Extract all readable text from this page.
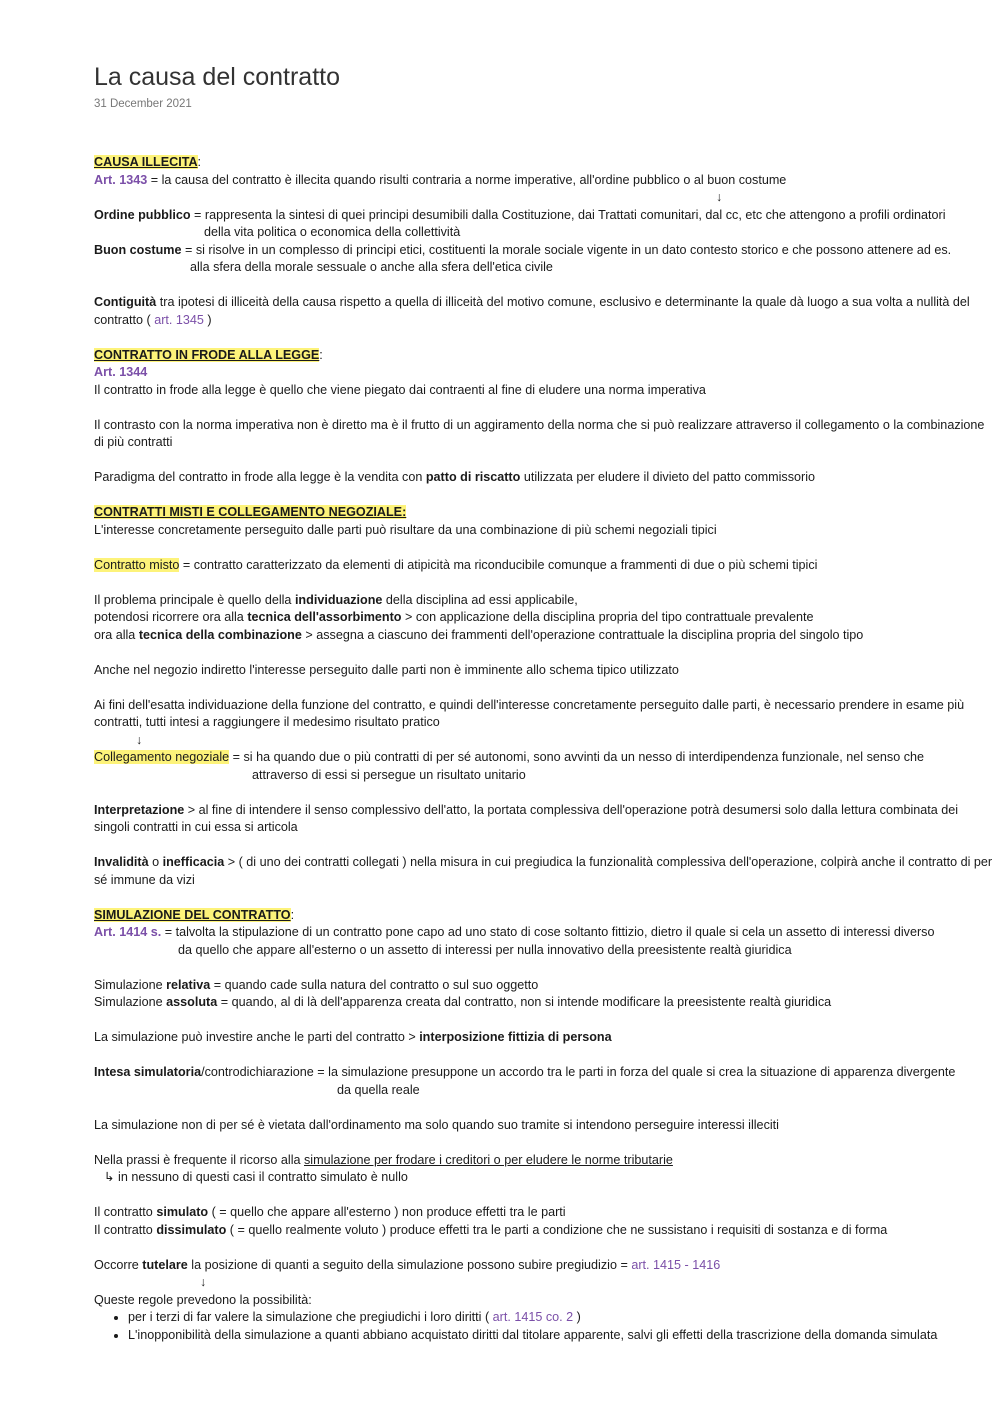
La causa del contratto
31 December 2021

CAUSA ILLECITA:

Art. 1343 = la causa del contratto è illecita quando risulti contraria a norme imperative, all'ordine pubblico o al buon costume

↓

Ordine pubblico = rappresenta la sintesi di quei principi desumibili dalla Costituzione, dai Trattati comunitari, dal cc, etc che attengono a profili ordinatori

della vita politica o economica della collettività

Buon costume = si risolve in un complesso di principi etici, costituenti la morale sociale vigente in un dato contesto storico e che possono attenere ad es.

alla sfera della morale sessuale o anche alla sfera dell'etica civile

Contiguità tra ipotesi di illiceità della causa rispetto a quella di illiceità del motivo comune, esclusivo e determinante la quale dà luogo a sua volta a nullità del contratto ( art. 1345 )

CONTRATTO IN FRODE ALLA LEGGE:

Art. 1344

Il contratto in frode alla legge è quello che viene piegato dai contraenti al fine di eludere una norma imperativa

Il contrasto con la norma imperativa non è diretto ma è il frutto di un aggiramento della norma che si può realizzare attraverso il collegamento o la combinazione di più contratti

Paradigma del contratto in frode alla legge è la vendita con patto di riscatto utilizzata per eludere il divieto del patto commissorio

CONTRATTI MISTI E COLLEGAMENTO NEGOZIALE:

L'interesse concretamente perseguito dalle parti può risultare da una combinazione di più schemi negoziali tipici

Contratto misto = contratto caratterizzato da elementi di atipicità ma riconducibile comunque a frammenti di due o più schemi tipici

Il problema principale è quello della individuazione della disciplina ad essi applicabile,

potendosi ricorrere ora alla tecnica dell'assorbimento > con applicazione della disciplina propria del tipo contrattuale prevalente

ora alla tecnica della combinazione > assegna a ciascuno dei frammenti dell'operazione contrattuale la disciplina propria del singolo tipo

Anche nel negozio indiretto l'interesse perseguito dalle parti non è imminente allo schema tipico utilizzato

Ai fini dell'esatta individuazione della funzione del contratto, e quindi dell'interesse concretamente perseguito dalle parti, è necessario prendere in esame più contratti, tutti intesi a raggiungere il medesimo risultato pratico

↓

Collegamento negoziale = si ha quando due o più contratti di per sé autonomi, sono avvinti da un nesso di interdipendenza funzionale, nel senso che

attraverso di essi si persegue un risultato unitario

Interpretazione > al fine di intendere il senso complessivo dell'atto, la portata complessiva dell'operazione potrà desumersi solo dalla lettura combinata dei singoli contratti in cui essa si articola

Invalidità o inefficacia > ( di uno dei contratti collegati ) nella misura in cui pregiudica la funzionalità complessiva dell'operazione, colpirà anche il contratto di per sé immune da vizi

SIMULAZIONE DEL CONTRATTO:

Art. 1414 s. = talvolta la stipulazione di un contratto pone capo ad uno stato di cose soltanto fittizio, dietro il quale si cela un assetto di interessi diverso

da quello che appare all'esterno o un assetto di interessi per nulla innovativo della preesistente realtà giuridica

Simulazione relativa = quando cade sulla natura del contratto o sul suo oggetto

Simulazione assoluta = quando, al di là dell'apparenza creata dal contratto, non si intende modificare la preesistente realtà giuridica

La simulazione può investire anche le parti del contratto > interposizione fittizia di persona

Intesa simulatoria/controdichiarazione = la simulazione presuppone un accordo tra le parti in forza del quale si crea la situazione di apparenza divergente

da quella reale

La simulazione non di per sé è vietata dall'ordinamento ma solo quando suo tramite si intendono perseguire interessi illeciti

Nella prassi è frequente il ricorso alla simulazione per frodare i creditori o per eludere le norme tributarie

↳ in nessuno di questi casi il contratto simulato è nullo

Il contratto simulato ( = quello che appare all'esterno ) non produce effetti tra le parti

Il contratto dissimulato ( = quello realmente voluto ) produce effetti tra le parti a condizione che ne sussistano i requisiti di sostanza e di forma

Occorre tutelare la posizione di quanti a seguito della simulazione possono subire pregiudizio = art. 1415 - 1416

↓

Queste regole prevedono la possibilità:

• per i terzi di far valere la simulazione che pregiudichi i loro diritti ( art. 1415 co. 2 )
• L'inopponibilità della simulazione a quanti abbiano acquistato diritti dal titolare apparente, salvi gli effetti della trascrizione della domanda simulata
